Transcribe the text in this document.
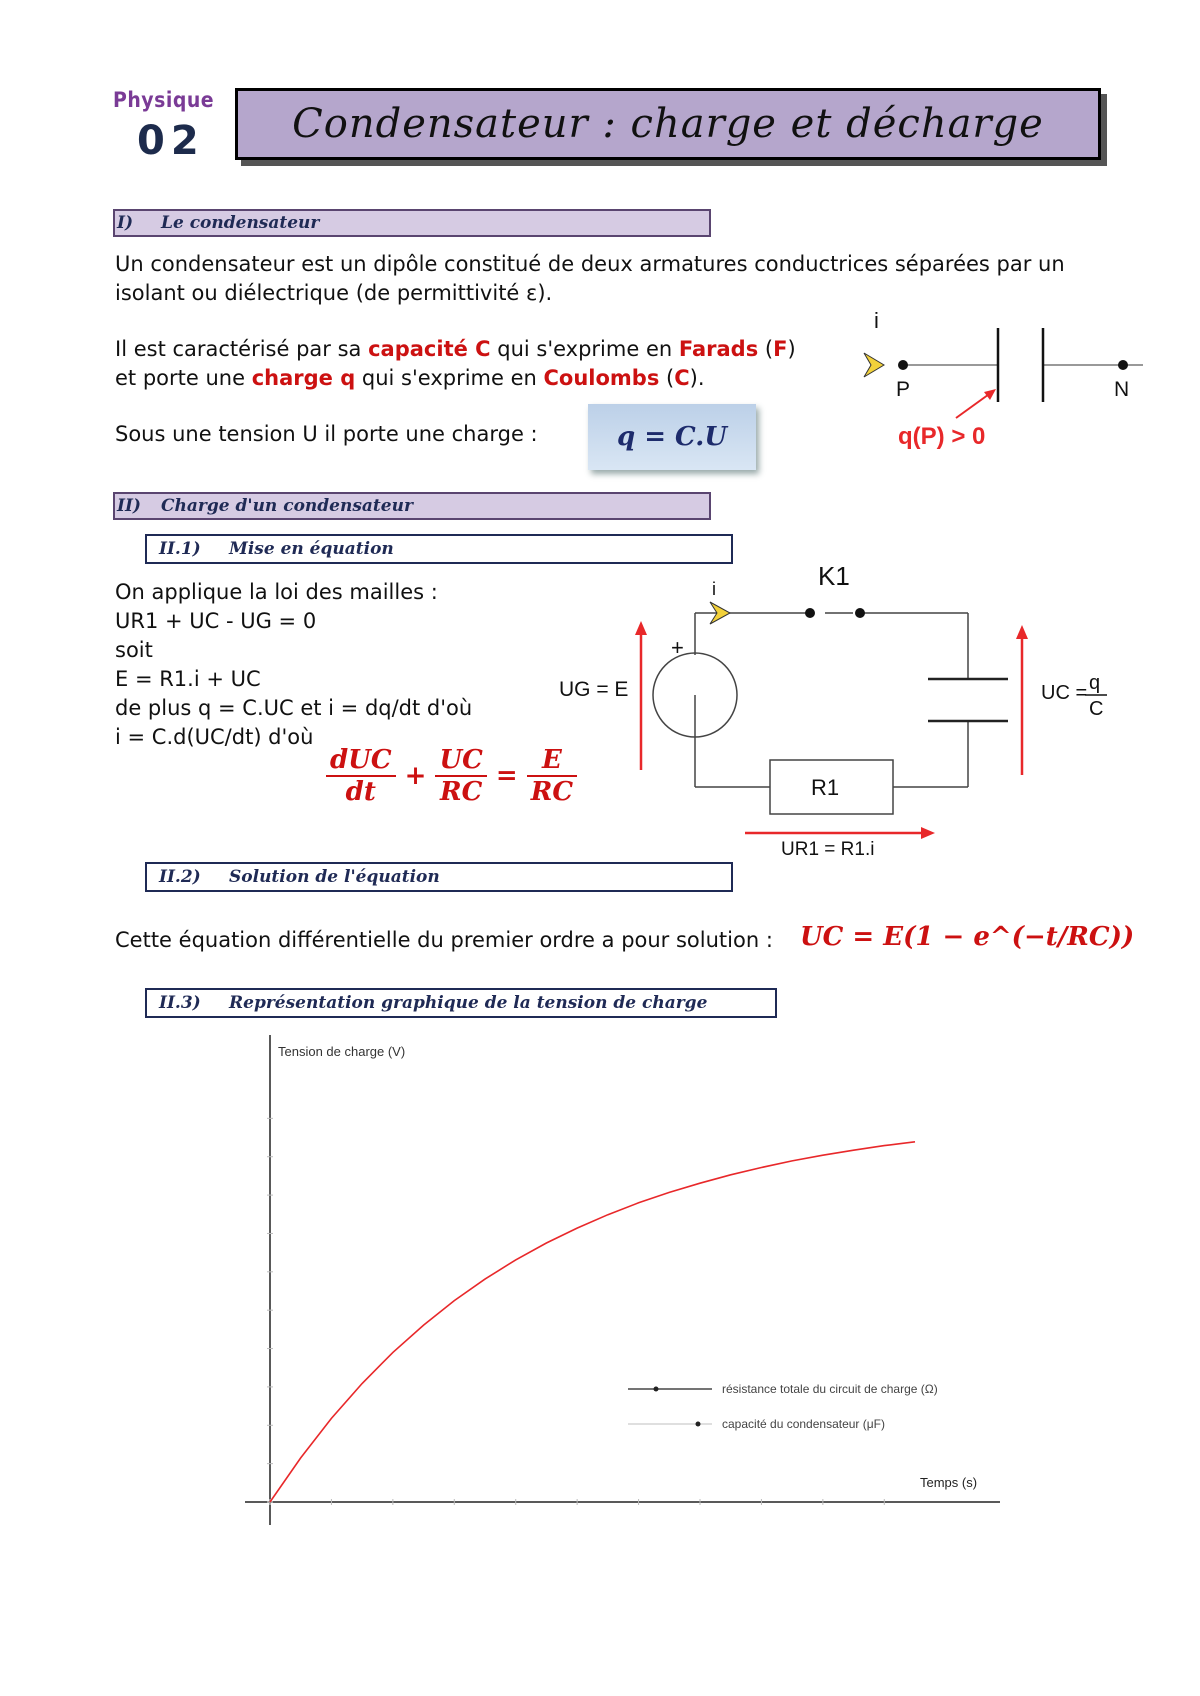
Physique
02 Condensateur : charge et décharge
I) Le condensateur
Un condensateur est un dipôle constitué de deux armatures conductrices séparées par un
isolant ou diélectrique (de permittivité ε).
Il est caractérisé par sa capacité C qui s'exprime en Farads (F)
et porte une charge q qui s'exprime en Coulombs (C).
Sous une tension U il porte une charge :	q = C.U
i
P	N
q(P) > 0
II) Charge d'un condensateur
II.1) Mise en équation
On applique la loi des mailles :
UR1 + UC - UG = 0
soit
E = R1.i + UC
de plus q = C.UC et i = dq/dt d'où
i = C.d(UC/dt) d'où
$\frac{\text{dUC}}{dt} + \frac{UC}{RC} = \frac{E}{RC}$
K1
i
+
UG = E	UC = q
C
R1
UR1 = R1.i
II.2) Solution de l'équation
Cette équation différentielle du premier ordre a pour solution : UC = E(1 − e^(−t/RC))
II.3) Représentation graphique de la tension de charge
Tension de charge (V)
Temps (s)
résistance totale du circuit de charge (Ω)
capacité du condensateur (μF)
